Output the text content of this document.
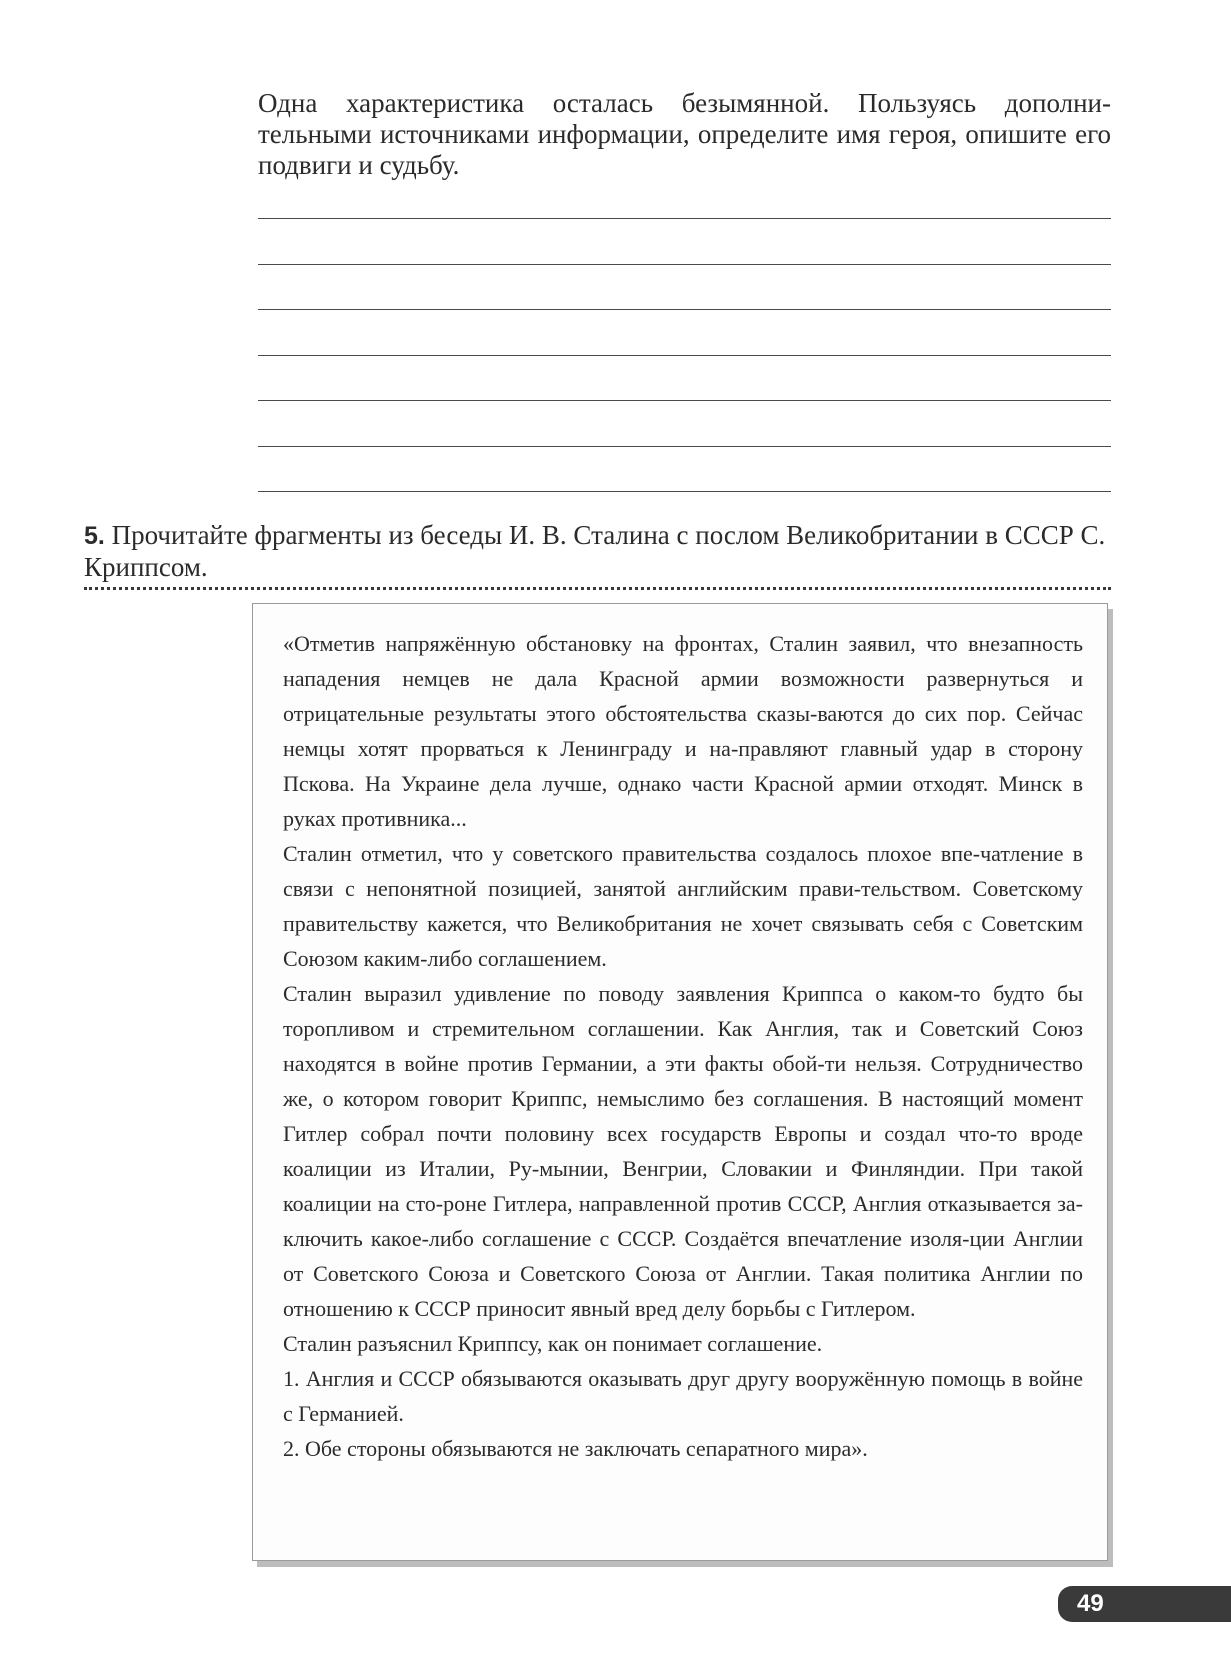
Одна характеристика осталась безымянной. Пользуясь дополни-тельными источниками информации, определите имя героя, опишите его подвиги и судьбу.

5. Прочитайте фрагменты из беседы И. В. Сталина с послом Великобритании в СССР С. Криппсом.

«Отметив напряжённую обстановку на фронтах, Сталин заявил, что внезапность нападения немцев не дала Красной армии возможности развернуться и отрицательные результаты этого обстоятельства сказы-ваются до сих пор. Сейчас немцы хотят прорваться к Ленинграду и на-правляют главный удар в сторону Пскова. На Украине дела лучше, однако части Красной армии отходят. Минск в руках противника...

Сталин отметил, что у советского правительства создалось плохое впе-чатление в связи с непонятной позицией, занятой английским прави-тельством. Советскому правительству кажется, что Великобритания не хочет связывать себя с Советским Союзом каким-либо соглашением.

Сталин выразил удивление по поводу заявления Криппса о каком-то будто бы торопливом и стремительном соглашении. Как Англия, так и Советский Союз находятся в войне против Германии, а эти факты обой-ти нельзя. Сотрудничество же, о котором говорит Криппс, немыслимо без соглашения. В настоящий момент Гитлер собрал почти половину всех государств Европы и создал что-то вроде коалиции из Италии, Ру-мынии, Венгрии, Словакии и Финляндии. При такой коалиции на сто-роне Гитлера, направленной против СССР, Англия отказывается за-ключить какое-либо соглашение с СССР. Создаётся впечатление изоля-ции Англии от Советского Союза и Советского Союза от Англии. Такая политика Англии по отношению к СССР приносит явный вред делу борьбы с Гитлером.

Сталин разъяснил Криппсу, как он понимает соглашение.

1. Англия и СССР обязываются оказывать друг другу вооружённую помощь в войне с Германией.

2. Обе стороны обязываются не заключать сепаратного мира».

49
